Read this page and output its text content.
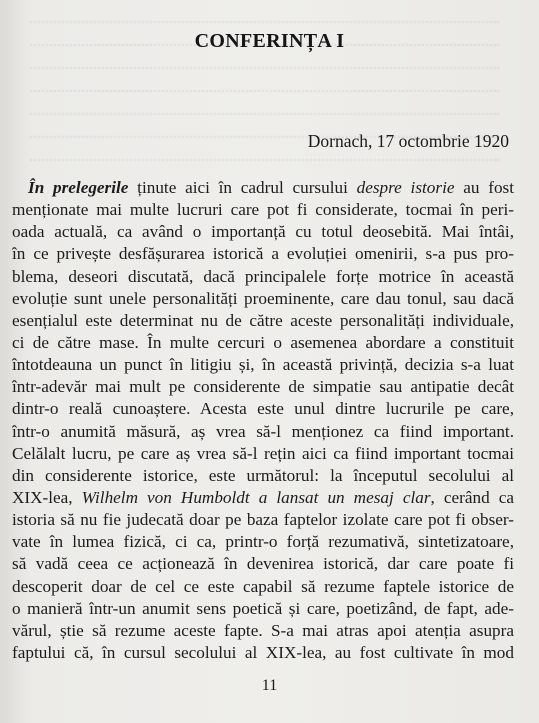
CONFERINȚA I
Dornach, 17 octombrie 1920
În prelegerile ținute aici în cadrul cursului despre istorie au fost
menționate mai multe lucruri care pot fi considerate, tocmai în peri-
oada actuală, ca având o importanță cu totul deosebită. Mai întâi,
în ce privește desfășurarea istorică a evoluției omenirii, s-a pus pro-
blema, deseori discutată, dacă principalele forțe motrice în această
evoluție sunt unele personalități proeminente, care dau tonul, sau dacă
esențialul este determinat nu de către aceste personalități individuale,
ci de către mase. În multe cercuri o asemenea abordare a constituit
întotdeauna un punct în litigiu și, în această privință, decizia s-a luat
într-adevăr mai mult pe considerente de simpatie sau antipatie decât
dintr-o reală cunoaștere. Acesta este unul dintre lucrurile pe care,
într-o anumită măsură, aș vrea să-l menționez ca fiind important.
Celălalt lucru, pe care aș vrea să-l rețin aici ca fiind important tocmai
din considerente istorice, este următorul: la începutul secolului al
XIX-lea, Wilhelm von Humboldt a lansat un mesaj clar, cerând ca
istoria să nu fie judecată doar pe baza faptelor izolate care pot fi obser-
vate în lumea fizică, ci ca, printr-o forță rezumativă, sintetizatoare,
să vadă ceea ce acționează în devenirea istorică, dar care poate fi
descoperit doar de cel ce este capabil să rezume faptele istorice de
o manieră într-un anumit sens poetică și care, poetizând, de fapt, ade-
vărul, știe să rezume aceste fapte. S-a mai atras apoi atenția asupra
faptului că, în cursul secolului al XIX-lea, au fost cultivate în mod
11
